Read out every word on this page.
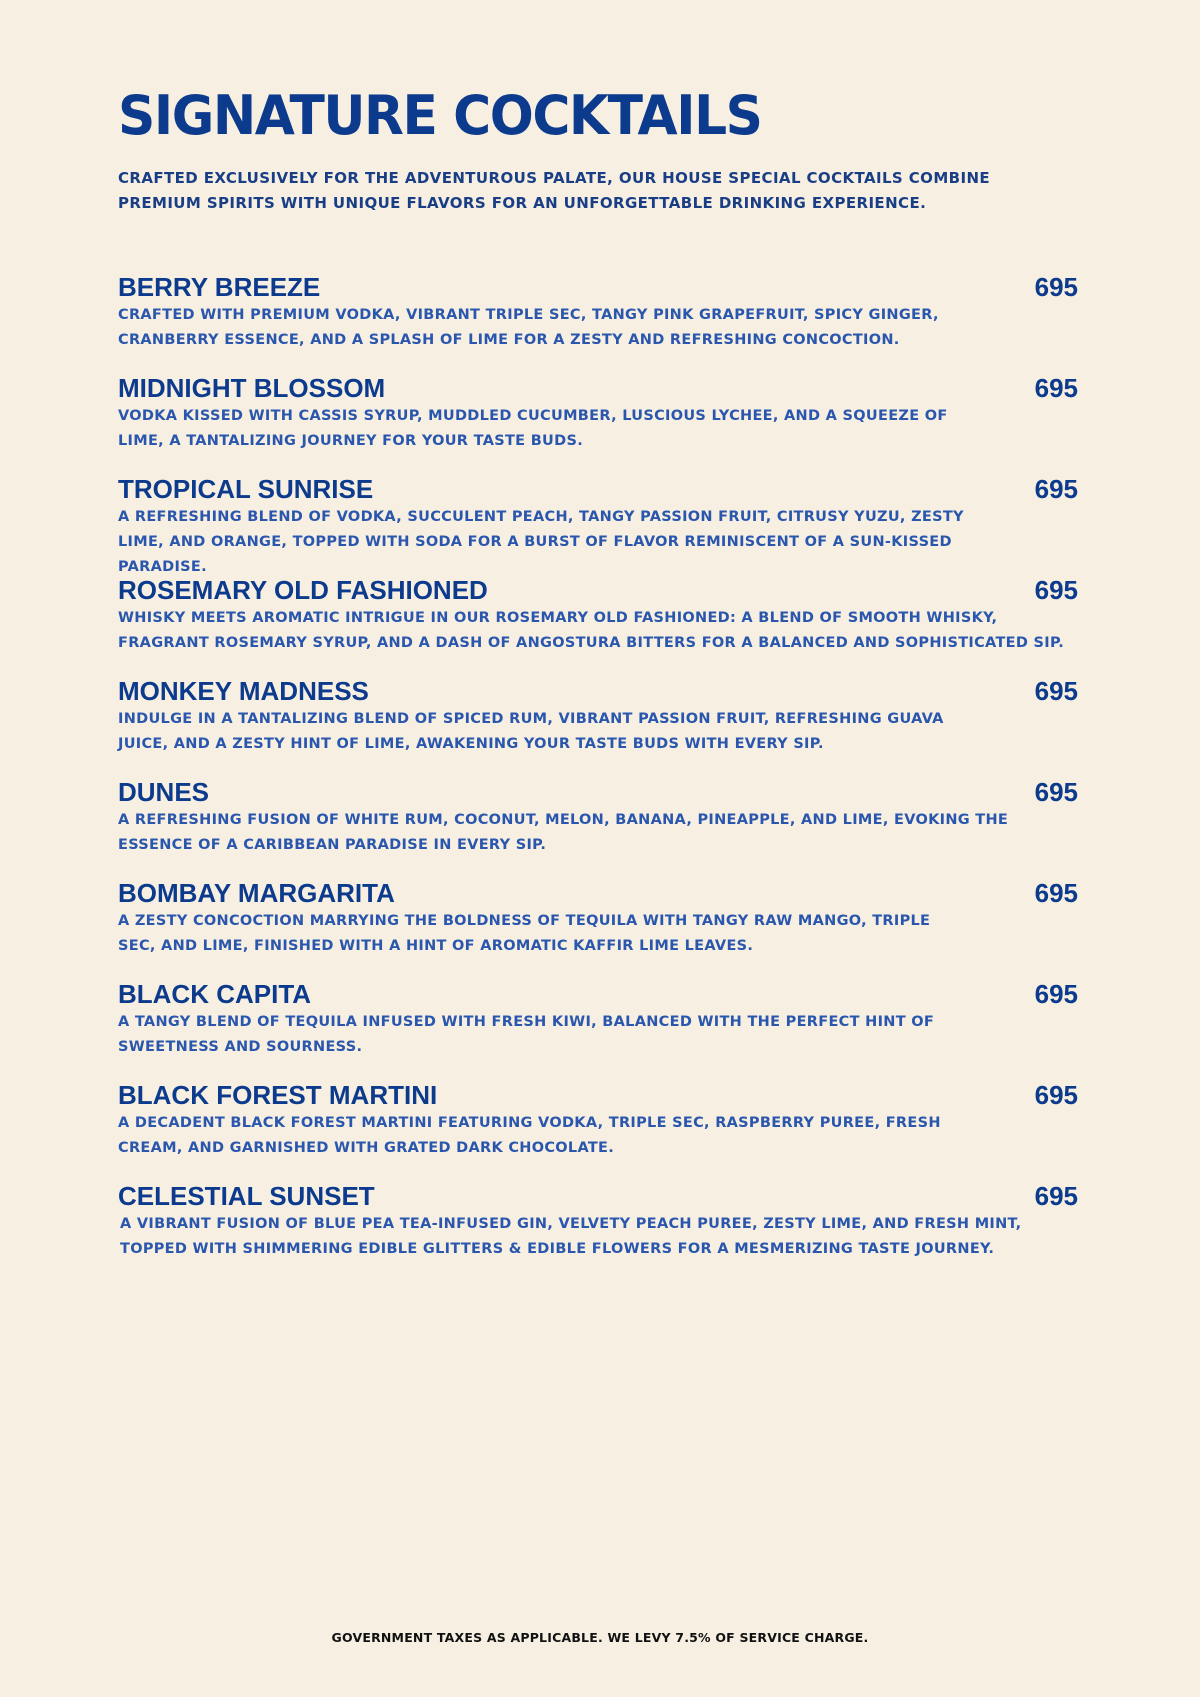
SIGNATURE COCKTAILS

CRAFTED EXCLUSIVELY FOR THE ADVENTUROUS PALATE, OUR HOUSE SPECIAL COCKTAILS COMBINE PREMIUM SPIRITS WITH UNIQUE FLAVORS FOR AN UNFORGETTABLE DRINKING EXPERIENCE.

BERRY BREEZE	695
CRAFTED WITH PREMIUM VODKA, VIBRANT TRIPLE SEC, TANGY PINK GRAPEFRUIT, SPICY GINGER, CRANBERRY ESSENCE, AND A SPLASH OF LIME FOR A ZESTY AND REFRESHING CONCOCTION.
MIDNIGHT BLOSSOM	695
VODKA KISSED WITH CASSIS SYRUP, MUDDLED CUCUMBER, LUSCIOUS LYCHEE, AND A SQUEEZE OF LIME, A TANTALIZING JOURNEY FOR YOUR TASTE BUDS.
TROPICAL SUNRISE	695
A REFRESHING BLEND OF VODKA, SUCCULENT PEACH, TANGY PASSION FRUIT, CITRUSY YUZU, ZESTY LIME, AND ORANGE, TOPPED WITH SODA FOR A BURST OF FLAVOR REMINISCENT OF A SUN-KISSED PARADISE.
ROSEMARY OLD FASHIONED	695
WHISKY MEETS AROMATIC INTRIGUE IN OUR ROSEMARY OLD FASHIONED: A BLEND OF SMOOTH WHISKY, FRAGRANT ROSEMARY SYRUP, AND A DASH OF ANGOSTURA BITTERS FOR A BALANCED AND SOPHISTICATED SIP.
MONKEY MADNESS	695
INDULGE IN A TANTALIZING BLEND OF SPICED RUM, VIBRANT PASSION FRUIT, REFRESHING GUAVA JUICE, AND A ZESTY HINT OF LIME, AWAKENING YOUR TASTE BUDS WITH EVERY SIP.
DUNES	695
A REFRESHING FUSION OF WHITE RUM, COCONUT, MELON, BANANA, PINEAPPLE, AND LIME, EVOKING THE ESSENCE OF A CARIBBEAN PARADISE IN EVERY SIP.
BOMBAY MARGARITA	695
A ZESTY CONCOCTION MARRYING THE BOLDNESS OF TEQUILA WITH TANGY RAW MANGO, TRIPLE SEC, AND LIME, FINISHED WITH A HINT OF AROMATIC KAFFIR LIME LEAVES.
BLACK CAPITA	695
A TANGY BLEND OF TEQUILA INFUSED WITH FRESH KIWI, BALANCED WITH THE PERFECT HINT OF SWEETNESS AND SOURNESS.
BLACK FOREST MARTINI	695
A DECADENT BLACK FOREST MARTINI FEATURING VODKA, TRIPLE SEC, RASPBERRY PUREE, FRESH CREAM, AND GARNISHED WITH GRATED DARK CHOCOLATE.
CELESTIAL SUNSET	695
A VIBRANT FUSION OF BLUE PEA TEA-INFUSED GIN, VELVETY PEACH PUREE, ZESTY LIME, AND FRESH MINT, TOPPED WITH SHIMMERING EDIBLE GLITTERS & EDIBLE FLOWERS FOR A MESMERIZING TASTE JOURNEY.
GOVERNMENT TAXES AS APPLICABLE. WE LEVY 7.5% OF SERVICE CHARGE.
